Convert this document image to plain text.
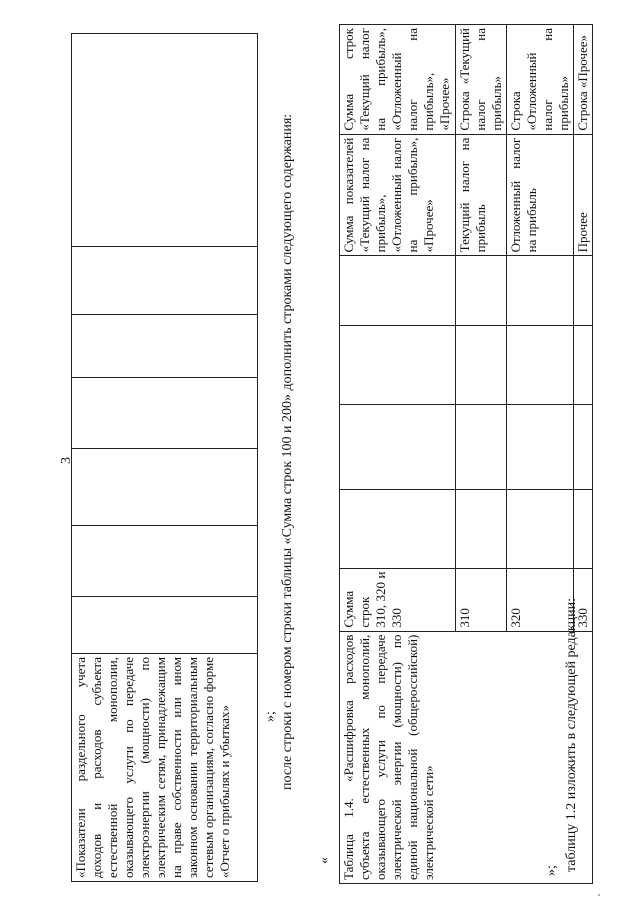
3
«Показатели раздельного учета доходов и расходов субъекта естественной монополии, оказывающего услуги по передаче электроэнергии (мощности) по электрическим сетям, принадлежащим на праве собственности или ином законном основании территориальным сетевым организациям, согласно форме «Отчет о прибылях и убытках»							»; после строки с номером строки таблицы «Сумма строк 100 и 200» дополнить строками следующего содержания:
« Таблица 1.4. «Расшифровка расходов субъекта естественных монополий, оказывающего услуги по передаче электрической энергии (мощности) по единой национальной (общероссийской) электрической сети»	Сумма строк 310, 320 и 330					Сумма показателей «Текущий налог на прибыль», «Отложенный налог на прибыль», «Прочее»	Сумма строк «Текущий налог на прибыль», «Отложенный налог на прибыль», «Прочее»
	310					Текущий налог на прибыль	Строка «Текущий налог на прибыль»
	320					Отложенный налог на прибыль	Строка «Отложенный налог на прибыль»
	330					Прочее	Строка «Прочее»
»; таблицу 1.2 изложить в следующей редакции:
